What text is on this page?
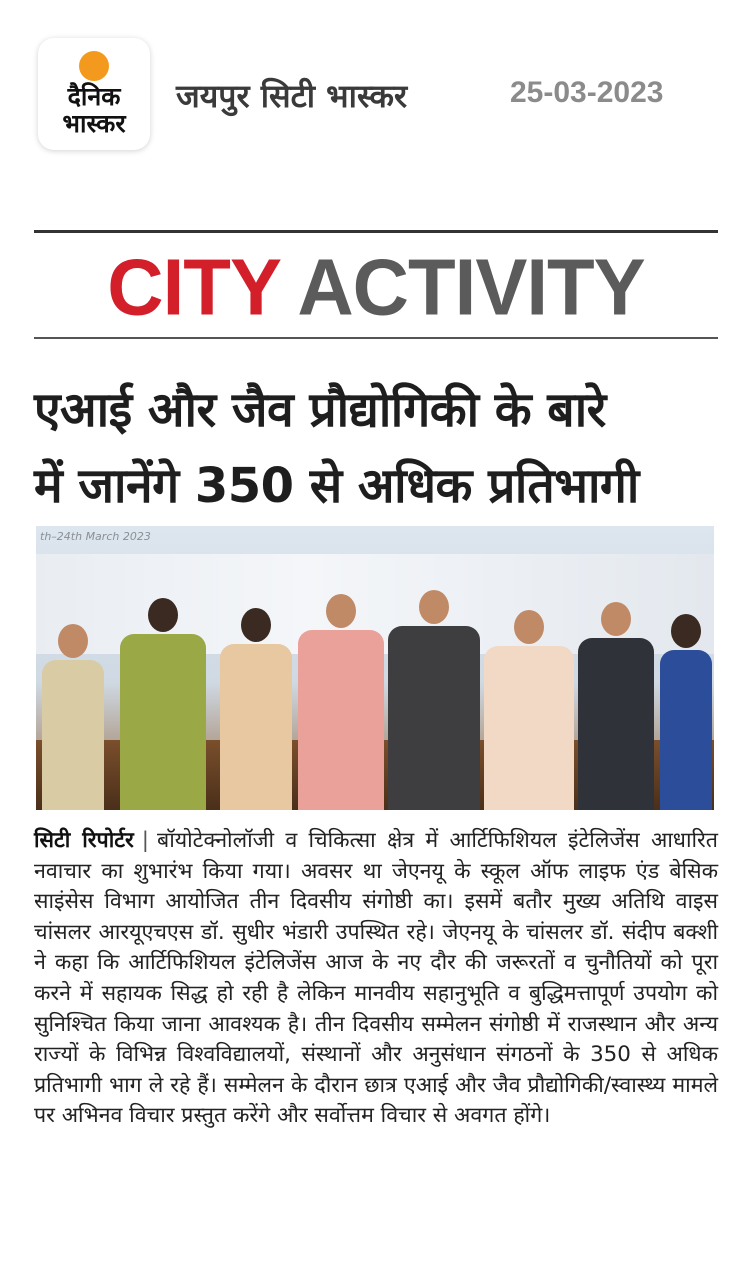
दैनिक
भास्कर
जयपुर सिटी भास्कर	25-03-2023
CITY ACTIVITY
एआई और जैव प्रौद्योगिकी के बारे
में जानेंगे 350 से अधिक प्रतिभागी
th–24th March 2023
सिटी रिपोर्टर | बॉयोटेक्नोलॉजी व चिकित्सा क्षेत्र में आर्टिफिशियल इंटेलिजेंस आधारित नवाचार का शुभारंभ किया गया। अवसर था जेएनयू के स्कूल ऑफ लाइफ एंड बेसिक साइंसेस विभाग आयोजित तीन दिवसीय संगोष्ठी का। इसमें बतौर मुख्य अतिथि वाइस चांसलर आरयूएचएस डॉ. सुधीर भंडारी उपस्थित रहे। जेएनयू के चांसलर डॉ. संदीप बक्शी ने कहा कि आर्टिफिशियल इंटेलिजेंस आज के नए दौर की जरूरतों व चुनौतियों को पूरा करने में सहायक सिद्ध हो रही है लेकिन मानवीय सहानुभूति व बुद्धिमत्तापूर्ण उपयोग को सुनिश्चित किया जाना आवश्यक है। तीन दिवसीय सम्मेलन संगोष्ठी में राजस्थान और अन्य राज्यों के विभिन्न विश्वविद्यालयों, संस्थानों और अनुसंधान संगठनों के 350 से अधिक प्रतिभागी भाग ले रहे हैं। सम्मेलन के दौरान छात्र एआई और जैव प्रौद्योगिकी/स्वास्थ्य मामले पर अभिनव विचार प्रस्तुत करेंगे और सर्वोत्तम विचार से अवगत होंगे।
